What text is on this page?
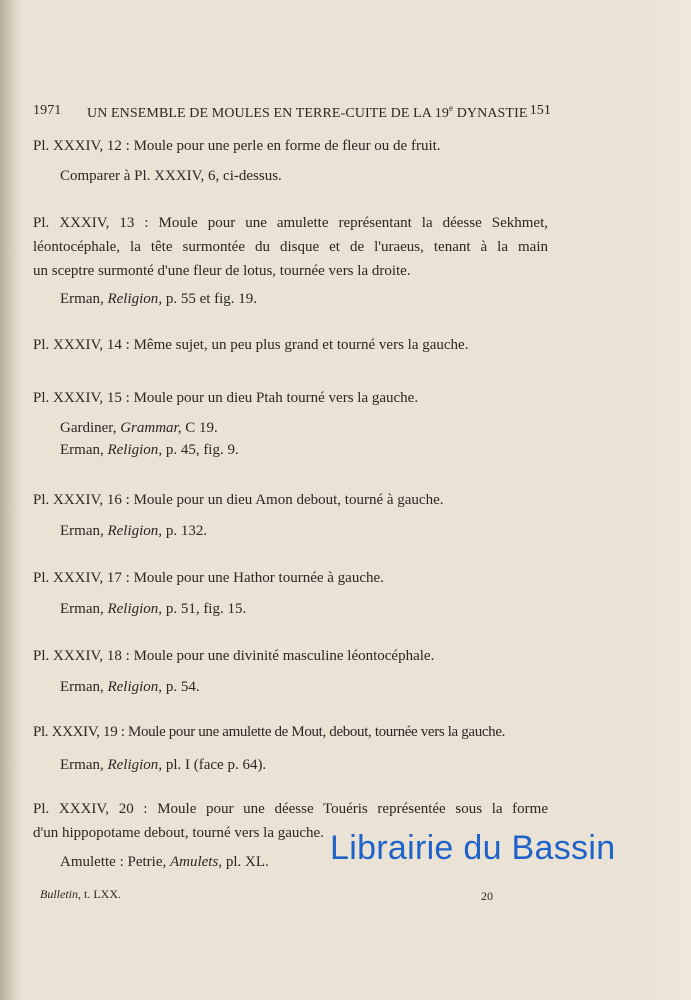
1971 UN ENSEMBLE DE MOULES EN TERRE-CUITE DE LA 19e DYNASTIE 151
Pl. XXXIV, 12 : Moule pour une perle en forme de fleur ou de fruit.
Comparer à Pl. XXXIV, 6, ci-dessus.
Pl. XXXIV, 13 : Moule pour une amulette représentant la déesse Sekhmet,
léontocéphale, la tête surmontée du disque et de l'uraeus, tenant à la main
un sceptre surmonté d'une fleur de lotus, tournée vers la droite.
Erman, Religion, p. 55 et fig. 19.
Pl. XXXIV, 14 : Même sujet, un peu plus grand et tourné vers la gauche.
Pl. XXXIV, 15 : Moule pour un dieu Ptah tourné vers la gauche.
Gardiner, Grammar, C 19.
Erman, Religion, p. 45, fig. 9.
Pl. XXXIV, 16 : Moule pour un dieu Amon debout, tourné à gauche.
Erman, Religion, p. 132.
Pl. XXXIV, 17 : Moule pour une Hathor tournée à gauche.
Erman, Religion, p. 51, fig. 15.
Pl. XXXIV, 18 : Moule pour une divinité masculine léontocéphale.
Erman, Religion, p. 54.
Pl. XXXIV, 19 : Moule pour une amulette de Mout, debout, tournée vers la gauche.
Erman, Religion, pl. I (face p. 64).
Pl. XXXIV, 20 : Moule pour une déesse Touéris représentée sous la forme
d'un hippopotame debout, tourné vers la gauche.
Amulette : Petrie, Amulets, pl. XL.
Bulletin, t. LXX.	20
Librairie du Bassin
